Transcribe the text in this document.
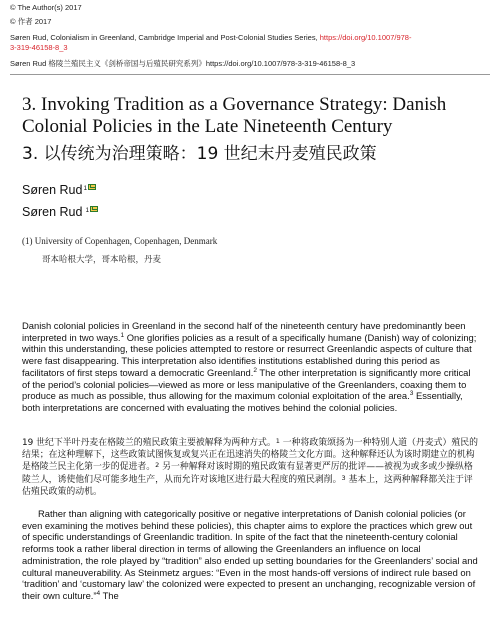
© The Author(s) 2017
© 作者 2017
Søren Rud, Colonialism in Greenland, Cambridge Imperial and Post-Colonial Studies Series, https://doi.org/10.1007/978-
3-319-46158-8_3
Søren Rud 格陵兰殖民主义《剑桥帝国与后殖民研究系列》https://doi.org/10.1007/978-3-319-46158-8_3
3. Invoking Tradition as a Governance Strategy: Danish
Colonial Policies in the Late Nineteenth Century
3. 以传统为治理策略：19 世纪末丹麦殖民政策
Søren Rud$^1$
Søren Rud $^1$
(1) University of Copenhagen, Copenhagen, Denmark
哥本哈根大学，哥本哈根，丹麦
Danish colonial policies in Greenland in the second half of the nineteenth century have predominantly been interpreted in two ways.$^1$ One glorifies policies as a result of a specifically humane (Danish) way of colonizing; within this understanding, these policies attempted to restore or resurrect Greenlandic aspects of culture that were fast disappearing. This interpretation also identifies institutions established during this period as facilitators of first steps toward a democratic Greenland.$^2$ The other interpretation is significantly more critical of the period’s colonial policies—viewed as more or less manipulative of the Greenlanders, coaxing them to produce as much as possible, thus allowing for the maximum colonial exploitation of the area.$^3$ Essentially, both interpretations are concerned with evaluating the motives behind the colonial policies.
19 世纪下半叶丹麦在格陵兰的殖民政策主要被解释为两种方式。$^1$ 一种将政策颂扬为一种特别人道（丹麦式）殖民的结果；在这种理解下，这些政策试图恢复或复兴正在迅速消失的格陵兰文化方面。这种解释还认为该时期建立的机构是格陵兰民主化第一步的促进者。$^2$ 另一种解释对该时期的殖民政策有显著更严厉的批评——被视为或多或少操纵格陵兰人，诱使他们尽可能多地生产，从而允许对该地区进行最大程度的殖民剥削。$^3$ 基本上，这两种解释都关注于评估殖民政策的动机。
Rather than aligning with categorically positive or negative interpretations of Danish colonial policies (or even examining the motives behind these policies), this chapter aims to explore the practices which grew out of specific understandings of Greenlandic tradition. In spite of the fact that the nineteenth-century colonial reforms took a rather liberal direction in terms of allowing the Greenlanders an influence on local administration, the role played by “tradition” also ended up setting boundaries for the Greenlanders’ social and cultural maneuverability. As Steinmetz argues: “Even in the most hands-off versions of indirect rule based on ‘tradition’ and ‘customary law’ the colonized were expected to present an unchanging, recognizable version of their own culture.”$^4$ The
